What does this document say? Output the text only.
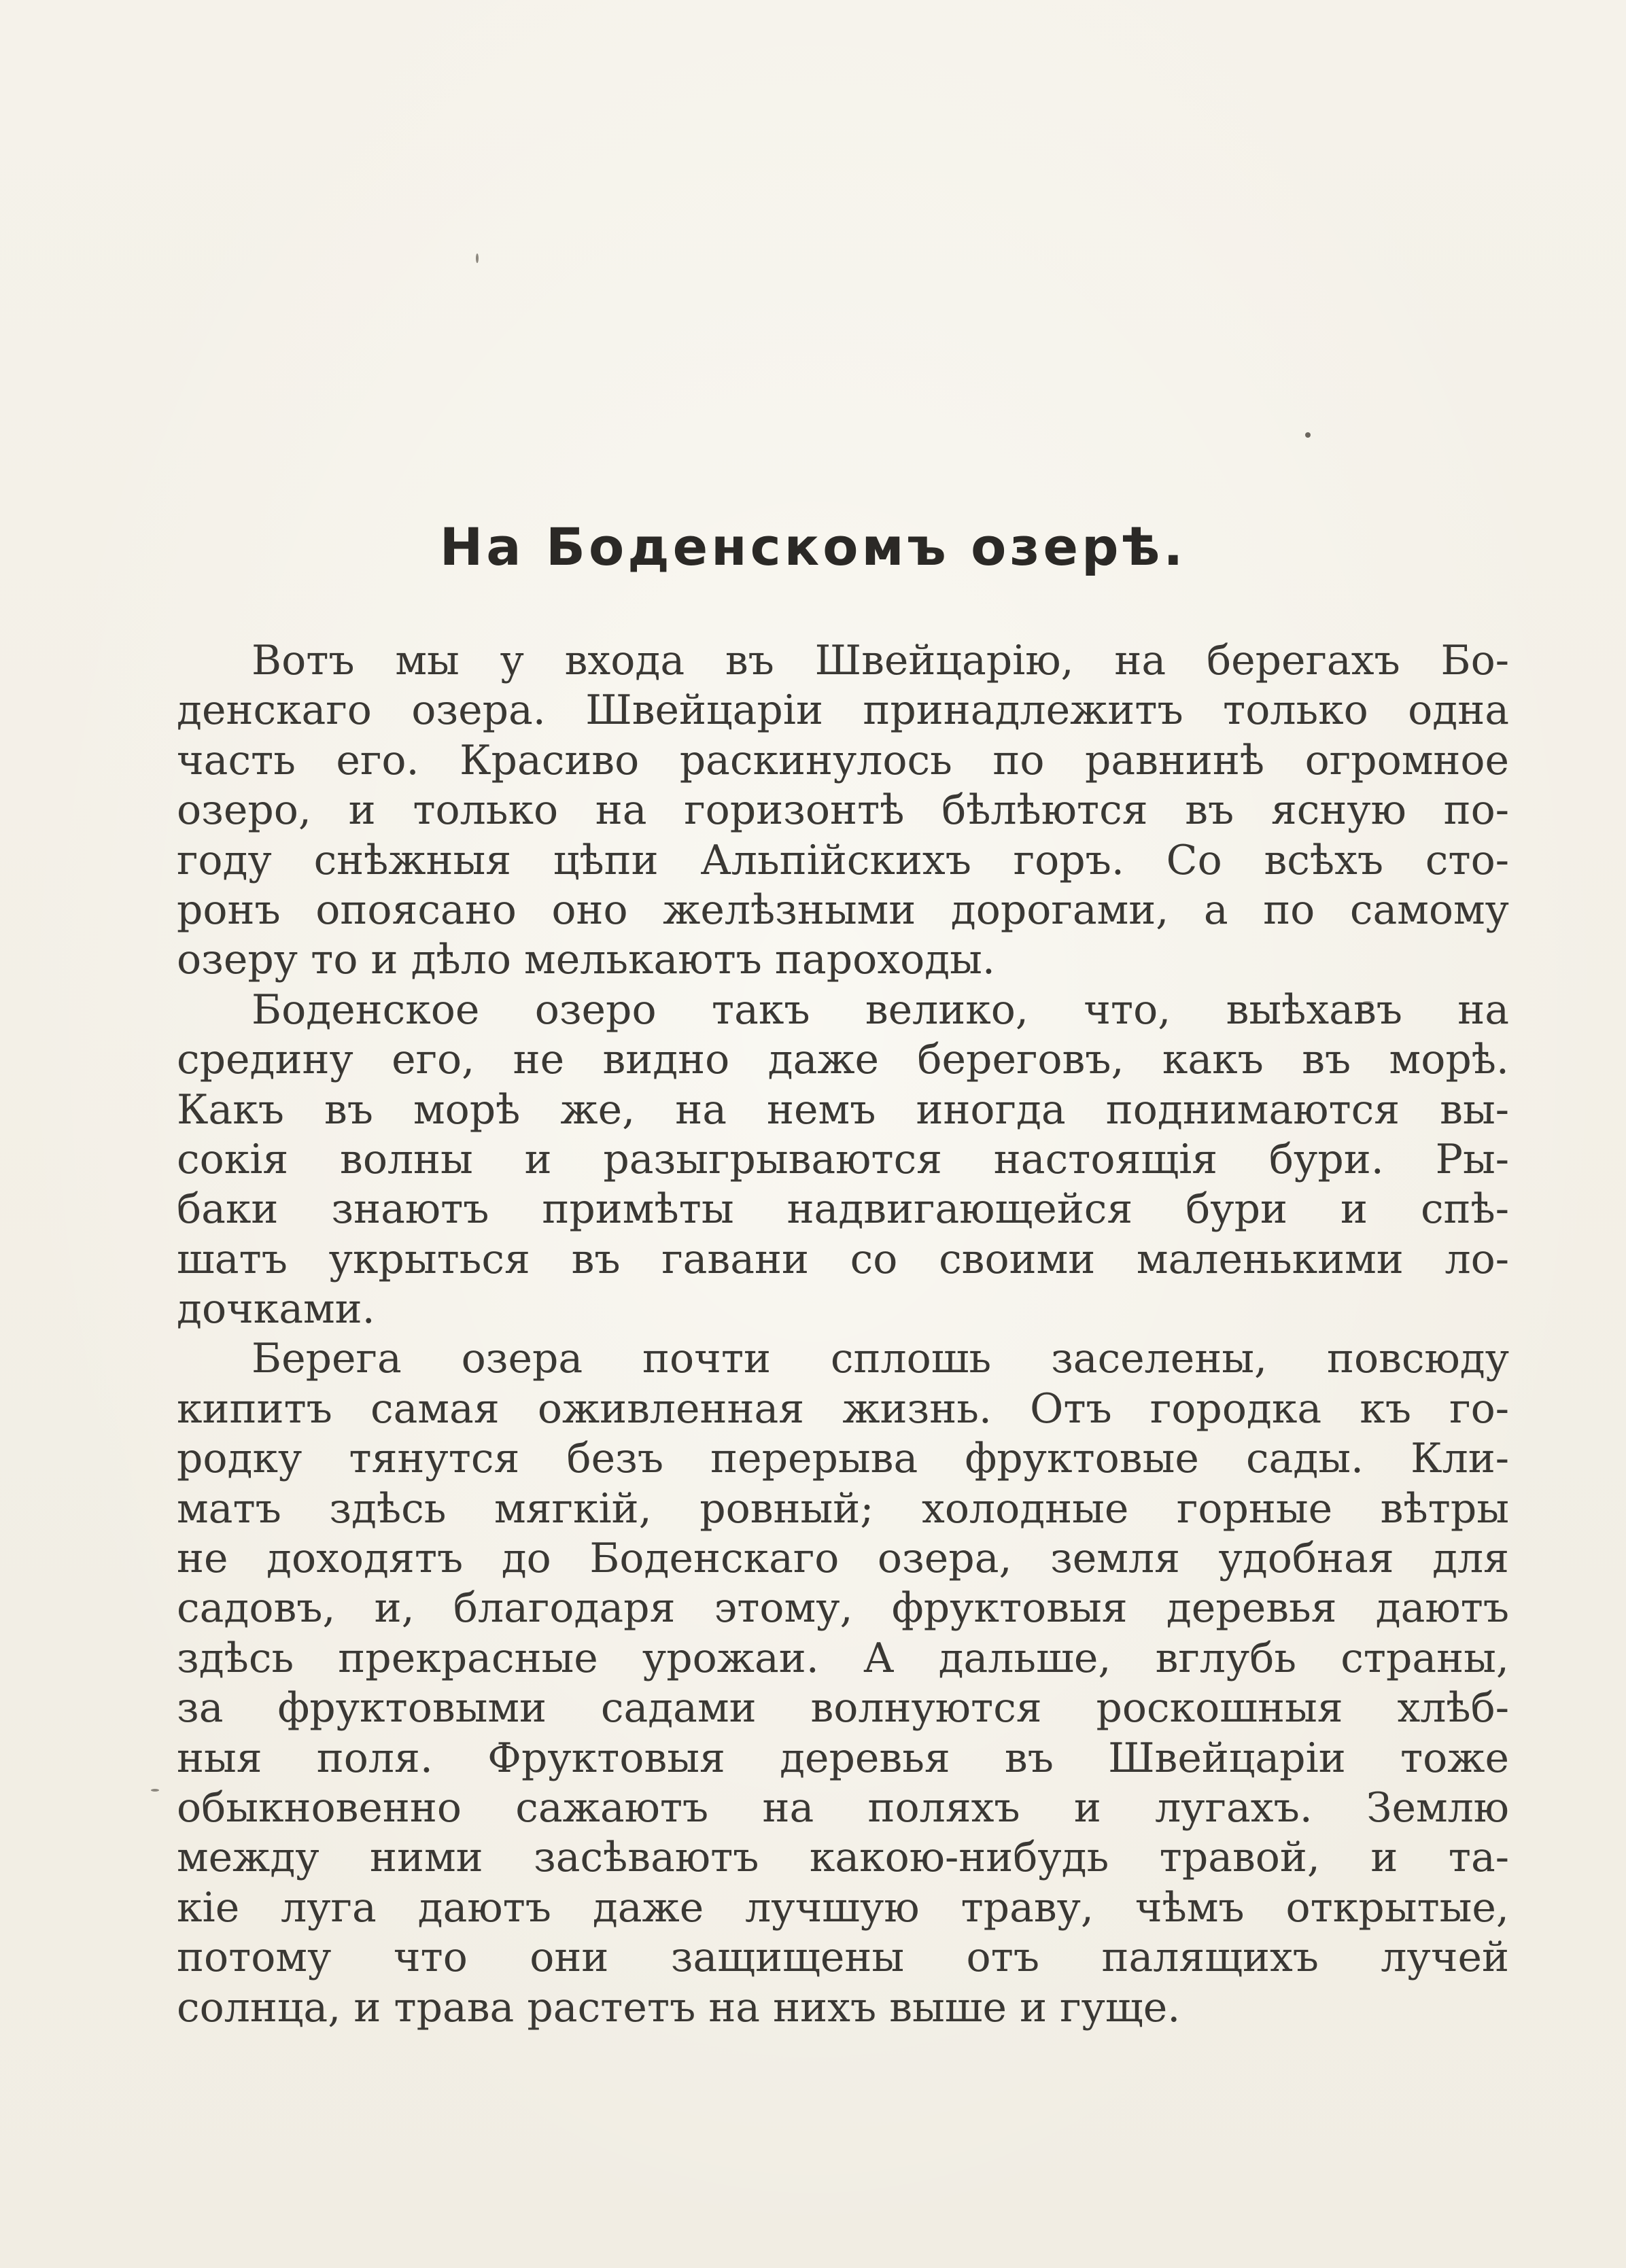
На Боденскомъ озерѣ.
Вотъ мы у входа въ Швейцарію, на берегахъ Бо-
денскаго озера. Швейцаріи принадлежитъ только одна
часть его. Красиво раскинулось по равнинѣ огромное
озеро, и только на горизонтѣ бѣлѣются въ ясную по-
году снѣжныя цѣпи Альпійскихъ горъ. Со всѣхъ сто-
ронъ опоясано оно желѣзными дорогами, а по самому
озеру то и дѣло мелькаютъ пароходы.
Боденское озеро такъ велико, что, выѣхавъ на
средину его, не видно даже береговъ, какъ въ морѣ.
Какъ въ морѣ же, на немъ иногда поднимаются вы-
сокія волны и разыгрываются настоящія бури. Ры-
баки знаютъ примѣты надвигающейся бури и спѣ-
шатъ укрыться въ гавани со своими маленькими ло-
дочками.
Берега озера почти сплошь заселены, повсюду
кипитъ самая оживленная жизнь. Отъ городка къ го-
родку тянутся безъ перерыва фруктовые сады. Кли-
матъ здѣсь мягкій, ровный; холодные горные вѣтры
не доходятъ до Боденскаго озера, земля удобная для
садовъ, и, благодаря этому, фруктовыя деревья даютъ
здѣсь прекрасные урожаи. А дальше, вглубь страны,
за фруктовыми садами волнуются роскошныя хлѣб-
ныя поля. Фруктовыя деревья въ Швейцаріи тоже
обыкновенно сажаютъ на поляхъ и лугахъ. Землю
между ними засѣваютъ какою-нибудь травой, и та-
кіе луга даютъ даже лучшую траву, чѣмъ открытые,
потому что они защищены отъ палящихъ лучей
солнца, и трава растетъ на нихъ выше и гуще.
